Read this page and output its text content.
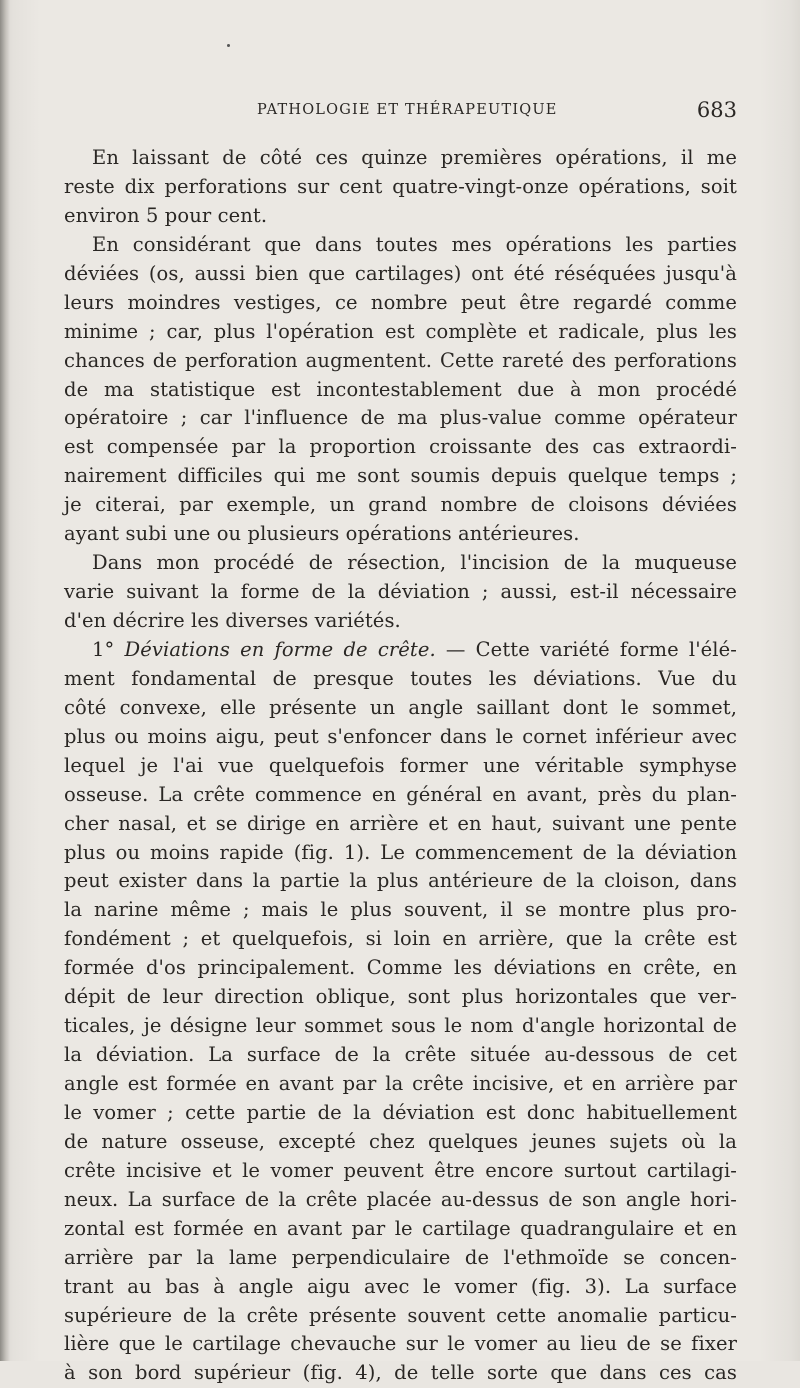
PATHOLOGIE ET THÉRAPEUTIQUE	683
En laissant de côté ces quinze premières opérations, il me
reste dix perforations sur cent quatre-vingt-onze opérations, soit
environ 5 pour cent.
En considérant que dans toutes mes opérations les parties
déviées (os, aussi bien que cartilages) ont été réséquées jusqu'à
leurs moindres vestiges, ce nombre peut être regardé comme
minime ; car, plus l'opération est complète et radicale, plus les
chances de perforation augmentent. Cette rareté des perforations
de ma statistique est incontestablement due à mon procédé
opératoire ; car l'influence de ma plus-value comme opérateur
est compensée par la proportion croissante des cas extraordi-
nairement difficiles qui me sont soumis depuis quelque temps ;
je citerai, par exemple, un grand nombre de cloisons déviées
ayant subi une ou plusieurs opérations antérieures.
Dans mon procédé de résection, l'incision de la muqueuse
varie suivant la forme de la déviation ; aussi, est-il nécessaire
d'en décrire les diverses variétés.
1° Déviations en forme de crête. — Cette variété forme l'élé-
ment fondamental de presque toutes les déviations. Vue du
côté convexe, elle présente un angle saillant dont le sommet,
plus ou moins aigu, peut s'enfoncer dans le cornet inférieur avec
lequel je l'ai vue quelquefois former une véritable symphyse
osseuse. La crête commence en général en avant, près du plan-
cher nasal, et se dirige en arrière et en haut, suivant une pente
plus ou moins rapide (fig. 1). Le commencement de la déviation
peut exister dans la partie la plus antérieure de la cloison, dans
la narine même ; mais le plus souvent, il se montre plus pro-
fondément ; et quelquefois, si loin en arrière, que la crête est
formée d'os principalement. Comme les déviations en crête, en
dépit de leur direction oblique, sont plus horizontales que ver-
ticales, je désigne leur sommet sous le nom d'angle horizontal de
la déviation. La surface de la crête située au-dessous de cet
angle est formée en avant par la crête incisive, et en arrière par
le vomer ; cette partie de la déviation est donc habituellement
de nature osseuse, excepté chez quelques jeunes sujets où la
crête incisive et le vomer peuvent être encore surtout cartilagi-
neux. La surface de la crête placée au-dessus de son angle hori-
zontal est formée en avant par le cartilage quadrangulaire et en
arrière par la lame perpendiculaire de l'ethmoïde se concen-
trant au bas à angle aigu avec le vomer (fig. 3). La surface
supérieure de la crête présente souvent cette anomalie particu-
lière que le cartilage chevauche sur le vomer au lieu de se fixer
à son bord supérieur (fig. 4), de telle sorte que dans ces cas
